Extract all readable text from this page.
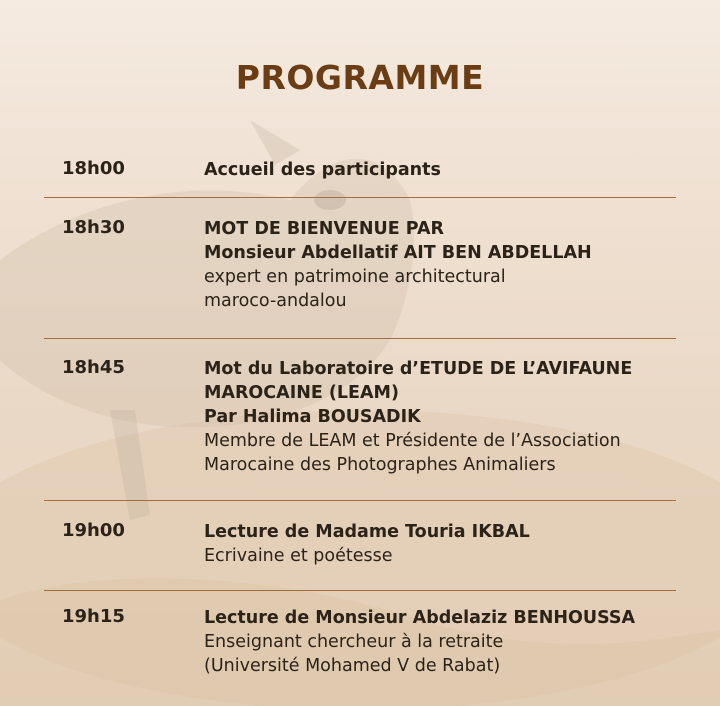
PROGRAMME
18h00	Accueil des participants
18h30	MOT DE BIENVENUE PAR
Monsieur Abdellatif AIT BEN ABDELLAH
expert en patrimoine architectural
maroco-andalou
18h45	Mot du Laboratoire d’ETUDE DE L’AVIFAUNE
MAROCAINE (LEAM)
Par Halima BOUSADIK
Membre de LEAM et Présidente de l’Association
Marocaine des Photographes Animaliers
19h00	Lecture de Madame Touria IKBAL
Ecrivaine et poétesse
19h15	Lecture de Monsieur Abdelaziz BENHOUSSA
Enseignant chercheur à la retraite
(Université Mohamed V de Rabat)
